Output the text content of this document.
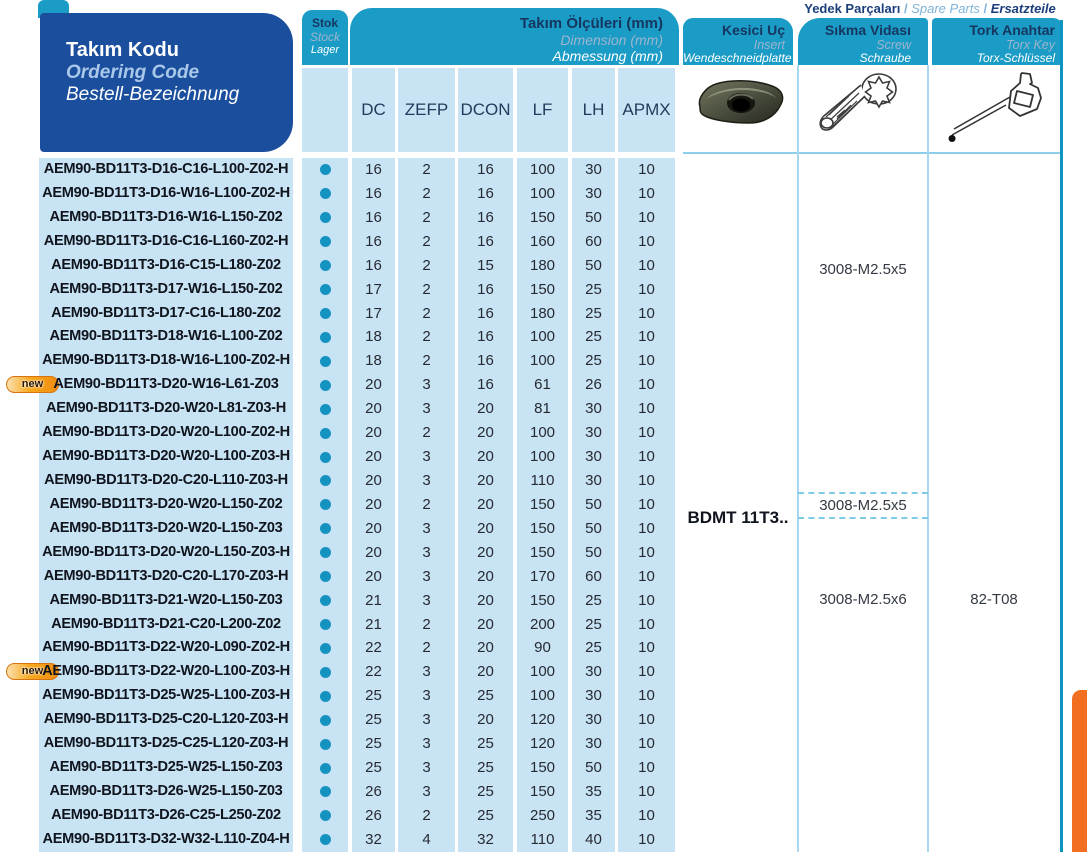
Takım Kodu
Ordering Code
Bestell-Bezeichnung
Stok
Stock
Lager
Takım Ölçüleri (mm)
Dimension (mm)
Abmessung (mm)
DC	ZEFP DCON	LF	LH	APMX
Yedek Parçaları / Spare Parts / Ersatzteile
Kesici Uç
Insert
Wendeschneidplatte
Sıkma Vidası
Screw
Schraube
Tork Anahtar
Torx Key
Torx-Schlüssel
AEM90-BD11T3-D16-C16-L100-Z02-H	16	2	16	100	30	10
AEM90-BD11T3-D16-W16-L100-Z02-H	16	2	16	100	30	10
AEM90-BD11T3-D16-W16-L150-Z02	16	2	16	150	50	10
AEM90-BD11T3-D16-C16-L160-Z02-H	16	2	16	160	60	10
AEM90-BD11T3-D16-C15-L180-Z02	16	2	15	180	50	10
AEM90-BD11T3-D17-W16-L150-Z02	17	2	16	150	25	10
AEM90-BD11T3-D17-C16-L180-Z02	17	2	16	180	25	10
AEM90-BD11T3-D18-W16-L100-Z02	18	2	16	100	25	10
AEM90-BD11T3-D18-W16-L100-Z02-H	18	2	16	100	25	10
new AEM90-BD11T3-D20-W16-L61-Z03	20	3	16	61	26	10
AEM90-BD11T3-D20-W20-L81-Z03-H	20	3	20	81	30	10
AEM90-BD11T3-D20-W20-L100-Z02-H	20	2	20	100	30	10
AEM90-BD11T3-D20-W20-L100-Z03-H	20	3	20	100	30	10
AEM90-BD11T3-D20-C20-L110-Z03-H	20	3	20	110	30	10
AEM90-BD11T3-D20-W20-L150-Z02	20	2	20	150	50	10
AEM90-BD11T3-D20-W20-L150-Z03	20	3	20	150	50	10
AEM90-BD11T3-D20-W20-L150-Z03-H	20	3	20	150	50	10
AEM90-BD11T3-D20-C20-L170-Z03-H	20	3	20	170	60	10
AEM90-BD11T3-D21-W20-L150-Z03	21	3	20	150	25	10
AEM90-BD11T3-D21-C20-L200-Z02	21	2	20	200	25	10
AEM90-BD11T3-D22-W20-L090-Z02-H	22	2	20	90	25	10
new
AEM90-BD11T3-D22-W20-L100-Z03-H	22	3	20	100	30	10
AEM90-BD11T3-D25-W25-L100-Z03-H	25	3	25	100	30	10
AEM90-BD11T3-D25-C20-L120-Z03-H	25	3	20	120	30	10
AEM90-BD11T3-D25-C25-L120-Z03-H	25	3	25	120	30	10
AEM90-BD11T3-D25-W25-L150-Z03	25	3	25	150	50	10
AEM90-BD11T3-D26-W25-L150-Z03	26	3	25	150	35	10
AEM90-BD11T3-D26-C25-L250-Z02	26	2	25	250	35	10
AEM90-BD11T3-D32-W32-L110-Z04-H	32	4	32	110	40	10
3008-M2.5x5
BDMT 11T3..
3008-M2.5x5
3008-M2.5x6	82-T08
